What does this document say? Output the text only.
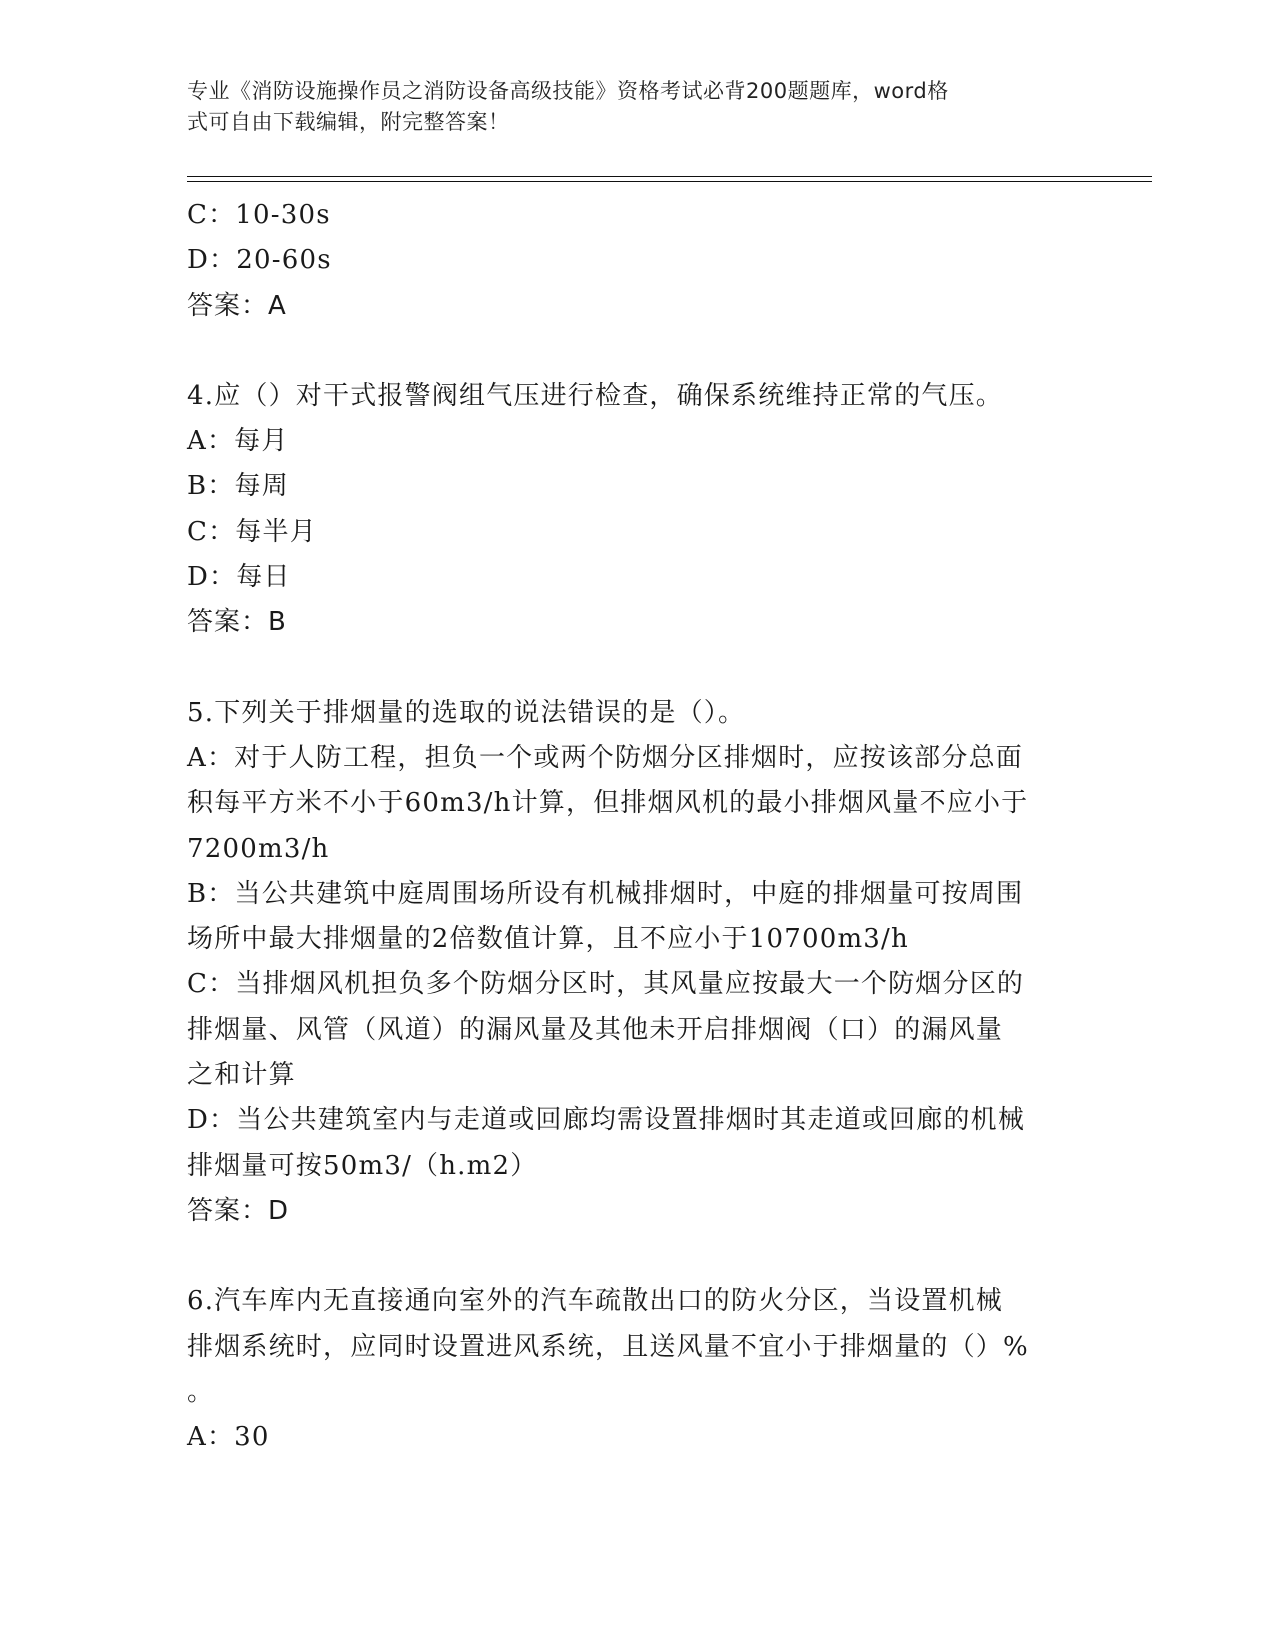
专业《消防设施操作员之消防设备高级技能》资格考试必背200题题库，word格
式可自由下载编辑，附完整答案！
C：10-30s
D：20-60s
答案：A
4.应（）对干式报警阀组气压进行检查，确保系统维持正常的气压。
A：每月
B：每周
C：每半月
D：每日
答案：B
5.下列关于排烟量的选取的说法错误的是（）。
A：对于人防工程，担负一个或两个防烟分区排烟时，应按该部分总面
积每平方米不小于60m3/h计算，但排烟风机的最小排烟风量不应小于
7200m3/h
B：当公共建筑中庭周围场所设有机械排烟时，中庭的排烟量可按周围
场所中最大排烟量的2倍数值计算，且不应小于10700m3/h
C：当排烟风机担负多个防烟分区时，其风量应按最大一个防烟分区的
排烟量、风管（风道）的漏风量及其他未开启排烟阀（口）的漏风量
之和计算
D：当公共建筑室内与走道或回廊均需设置排烟时其走道或回廊的机械
排烟量可按50m3/（h.m2）
答案：D
6.汽车库内无直接通向室外的汽车疏散出口的防火分区，当设置机械
排烟系统时，应同时设置进风系统，且送风量不宜小于排烟量的（）%
。
A：30
